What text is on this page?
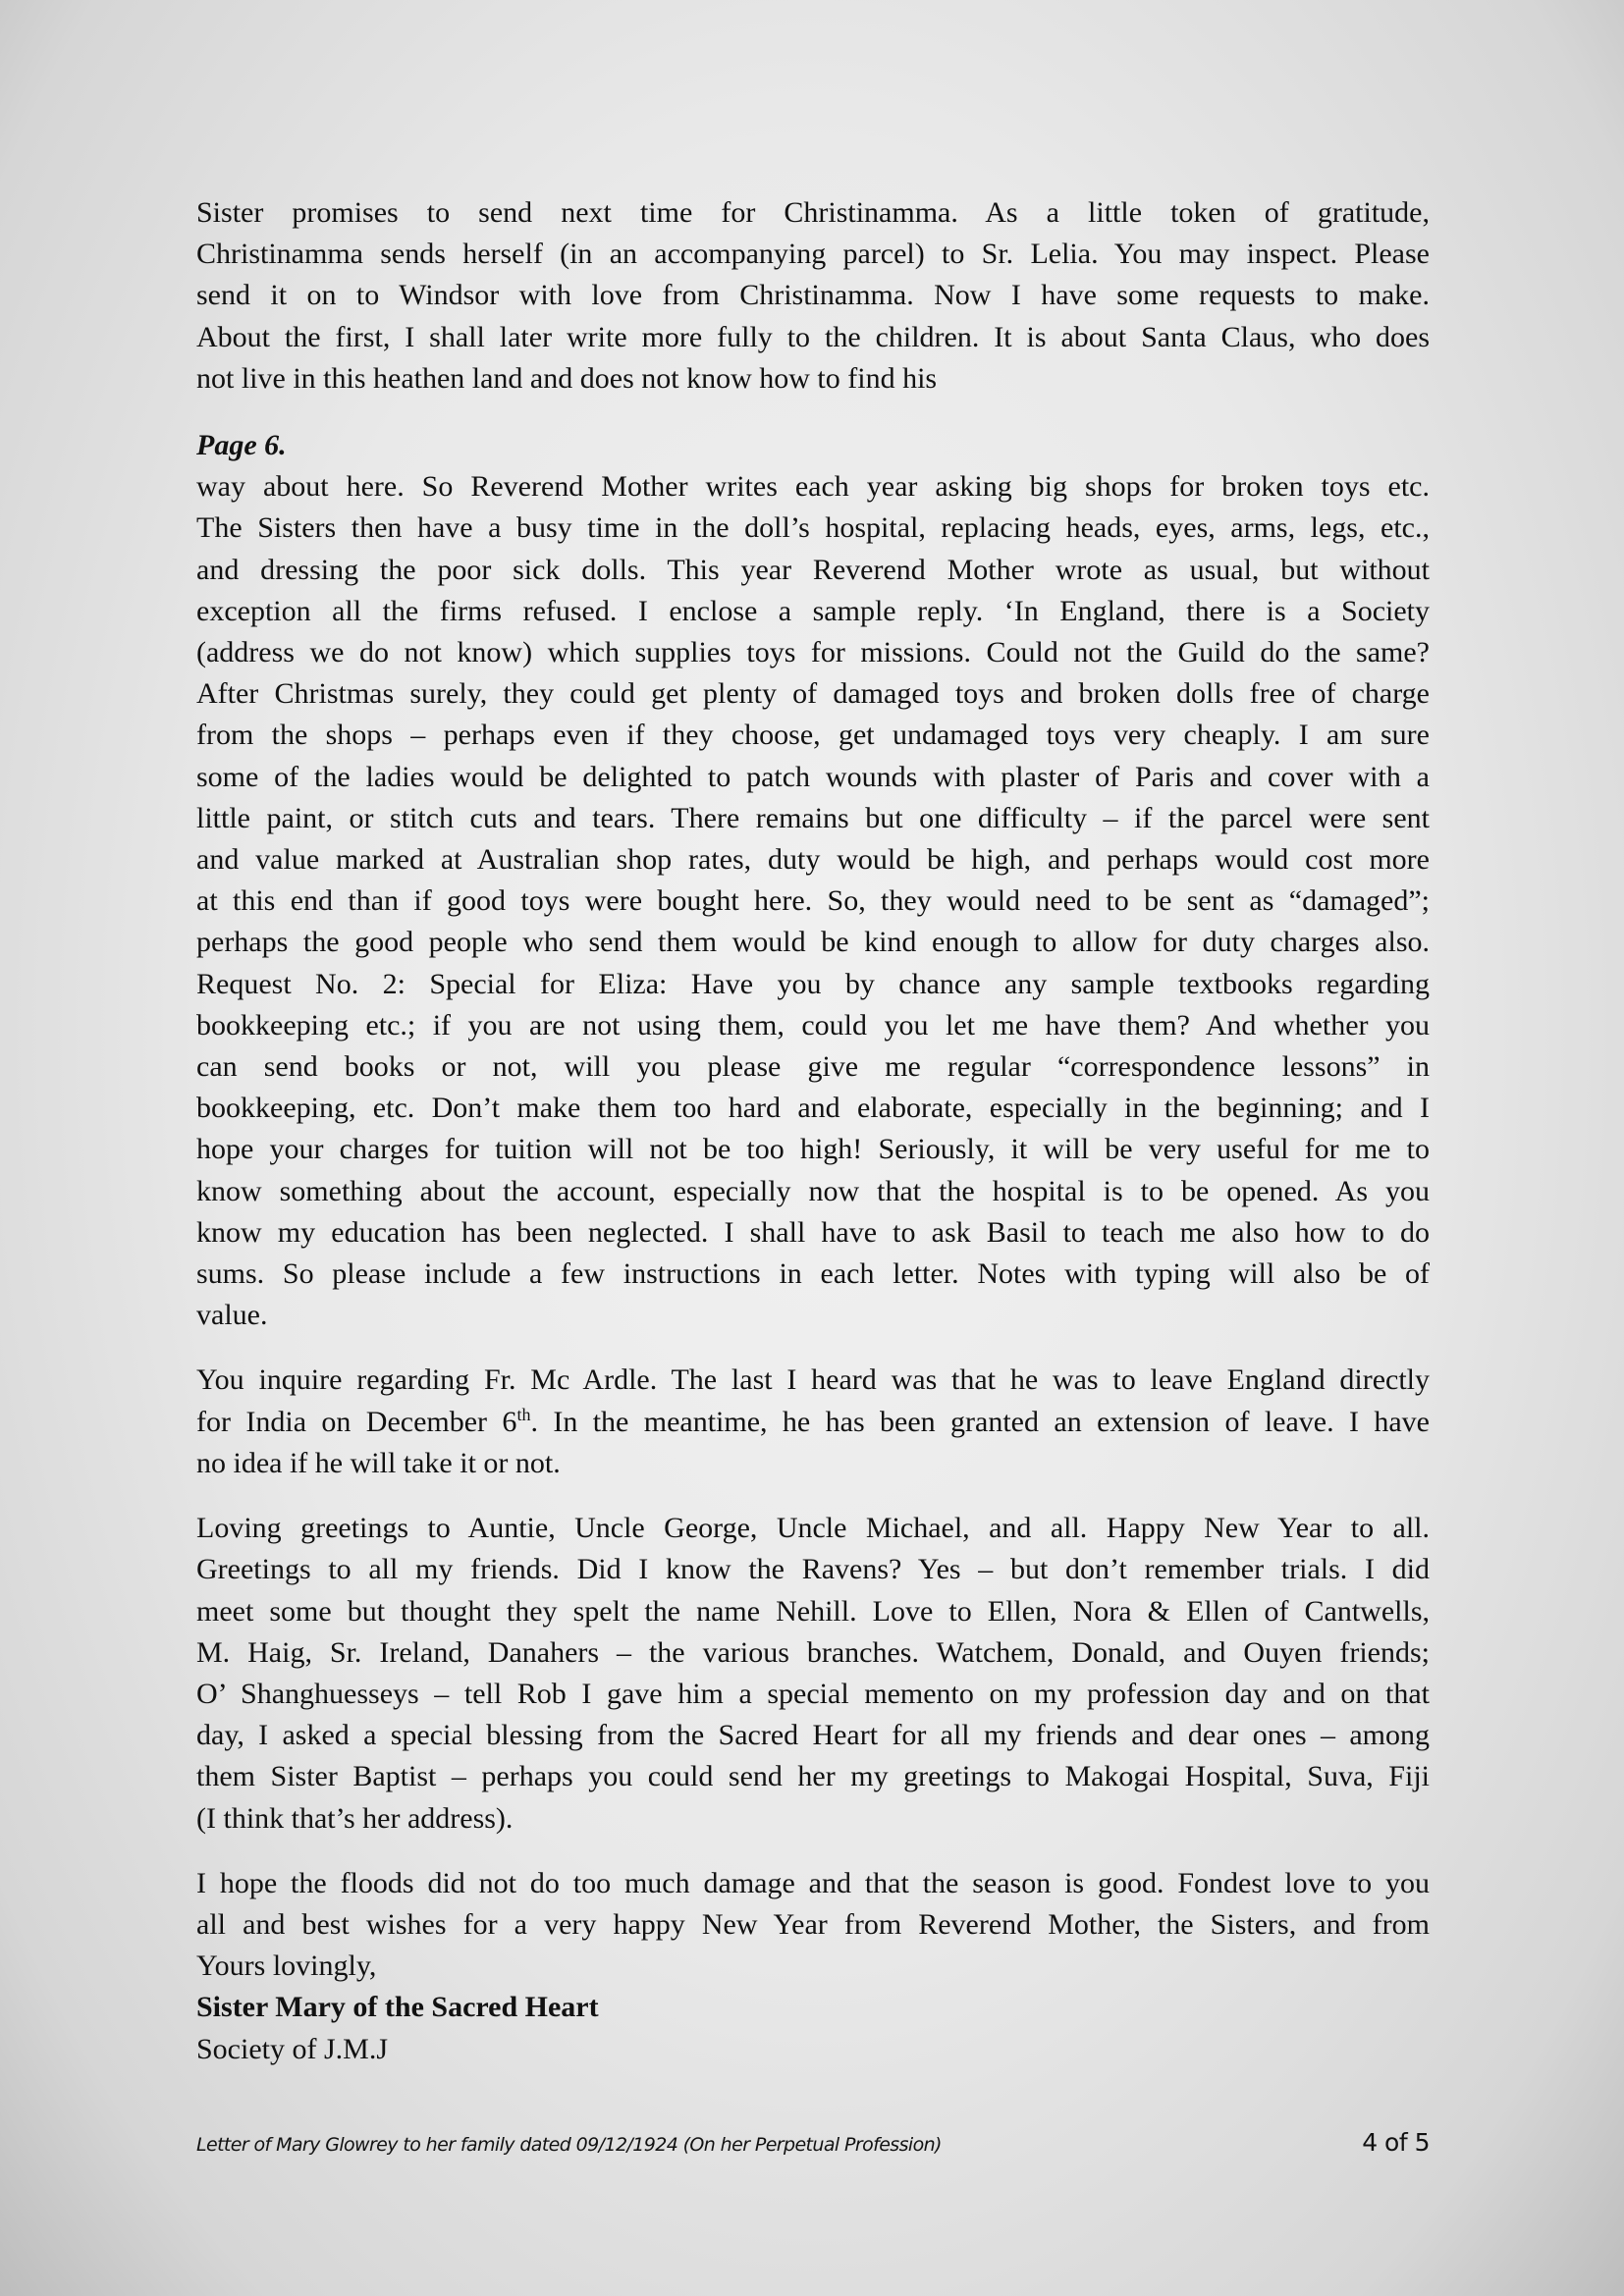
Sister promises to send next time for Christinamma. As a little token of gratitude,
Christinamma sends herself (in an accompanying parcel) to Sr. Lelia. You may inspect. Please
send it on to Windsor with love from Christinamma. Now I have some requests to make.
About the first, I shall later write more fully to the children. It is about Santa Claus, who does
not live in this heathen land and does not know how to find his
Page 6.
way about here. So Reverend Mother writes each year asking big shops for broken toys etc.
The Sisters then have a busy time in the doll’s hospital, replacing heads, eyes, arms, legs, etc.,
and dressing the poor sick dolls. This year Reverend Mother wrote as usual, but without
exception all the firms refused. I enclose a sample reply. ‘In England, there is a Society
(address we do not know) which supplies toys for missions. Could not the Guild do the same?
After Christmas surely, they could get plenty of damaged toys and broken dolls free of charge
from the shops – perhaps even if they choose, get undamaged toys very cheaply. I am sure
some of the ladies would be delighted to patch wounds with plaster of Paris and cover with a
little paint, or stitch cuts and tears. There remains but one difficulty – if the parcel were sent
and value marked at Australian shop rates, duty would be high, and perhaps would cost more
at this end than if good toys were bought here. So, they would need to be sent as “damaged”;
perhaps the good people who send them would be kind enough to allow for duty charges also.
Request No. 2: Special for Eliza: Have you by chance any sample textbooks regarding
bookkeeping etc.; if you are not using them, could you let me have them? And whether you
can send books or not, will you please give me regular “correspondence lessons” in
bookkeeping, etc. Don’t make them too hard and elaborate, especially in the beginning; and I
hope your charges for tuition will not be too high! Seriously, it will be very useful for me to
know something about the account, especially now that the hospital is to be opened. As you
know my education has been neglected. I shall have to ask Basil to teach me also how to do
sums. So please include a few instructions in each letter. Notes with typing will also be of
value.
You inquire regarding Fr. Mc Ardle. The last I heard was that he was to leave England directly
for India on December 6th. In the meantime, he has been granted an extension of leave. I have
no idea if he will take it or not.
Loving greetings to Auntie, Uncle George, Uncle Michael, and all. Happy New Year to all.
Greetings to all my friends. Did I know the Ravens? Yes – but don’t remember trials. I did
meet some but thought they spelt the name Nehill. Love to Ellen, Nora & Ellen of Cantwells,
M. Haig, Sr. Ireland, Danahers – the various branches. Watchem, Donald, and Ouyen friends;
O’ Shanghuesseys – tell Rob I gave him a special memento on my profession day and on that
day, I asked a special blessing from the Sacred Heart for all my friends and dear ones – among
them Sister Baptist – perhaps you could send her my greetings to Makogai Hospital, Suva, Fiji
(I think that’s her address).
I hope the floods did not do too much damage and that the season is good. Fondest love to you
all and best wishes for a very happy New Year from Reverend Mother, the Sisters, and from
Yours lovingly,
Sister Mary of the Sacred Heart
Society of J.M.J
Letter of Mary Glowrey to her family dated 09/12/1924 (On her Perpetual Profession)	4 of 5
